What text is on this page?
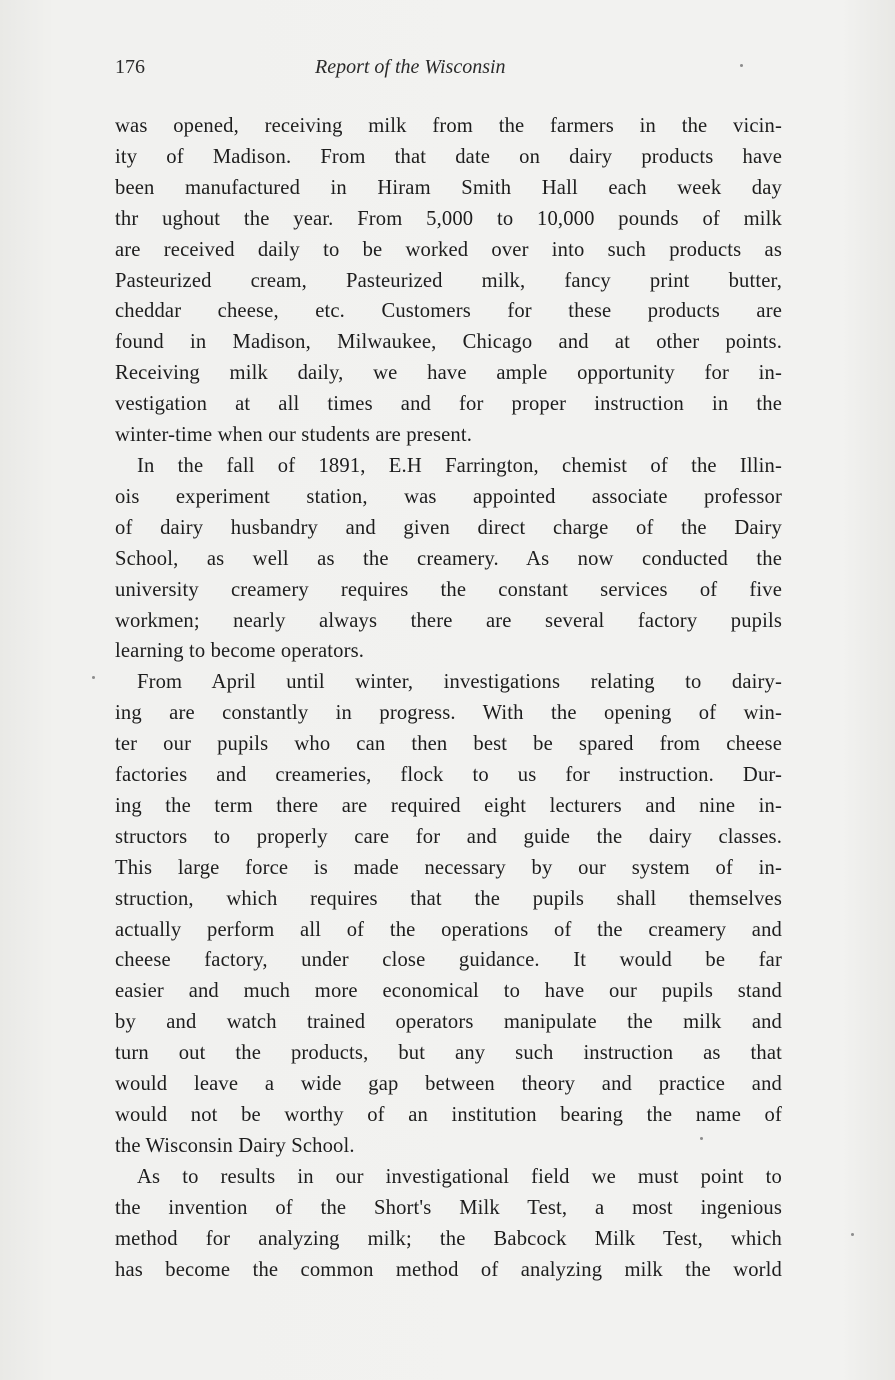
176	Report of the Wisconsin
was opened, receiving milk from the farmers in the vicin-
ity of Madison. From that date on dairy products have
been manufactured in Hiram Smith Hall each week day
thr ughout the year. From 5,000 to 10,000 pounds of milk
are received daily to be worked over into such products as
Pasteurized cream, Pasteurized milk, fancy print butter,
cheddar cheese, etc. Customers for these products are
found in Madison, Milwaukee, Chicago and at other points.
Receiving milk daily, we have ample opportunity for in-
vestigation at all times and for proper instruction in the
winter-time when our students are present.
In the fall of 1891, E.H Farrington, chemist of the Illin-
ois experiment station, was appointed associate professor
of dairy husbandry and given direct charge of the Dairy
School, as well as the creamery. As now conducted the
university creamery requires the constant services of five
workmen; nearly always there are several factory pupils
learning to become operators.
From April until winter, investigations relating to dairy-
ing are constantly in progress. With the opening of win-
ter our pupils who can then best be spared from cheese
factories and creameries, flock to us for instruction. Dur-
ing the term there are required eight lecturers and nine in-
structors to properly care for and guide the dairy classes.
This large force is made necessary by our system of in-
struction, which requires that the pupils shall themselves
actually perform all of the operations of the creamery and
cheese factory, under close guidance. It would be far
easier and much more economical to have our pupils stand
by and watch trained operators manipulate the milk and
turn out the products, but any such instruction as that
would leave a wide gap between theory and practice and
would not be worthy of an institution bearing the name of
the Wisconsin Dairy School.
As to results in our investigational field we must point to
the invention of the Short's Milk Test, a most ingenious
method for analyzing milk; the Babcock Milk Test, which
has become the common method of analyzing milk the world
